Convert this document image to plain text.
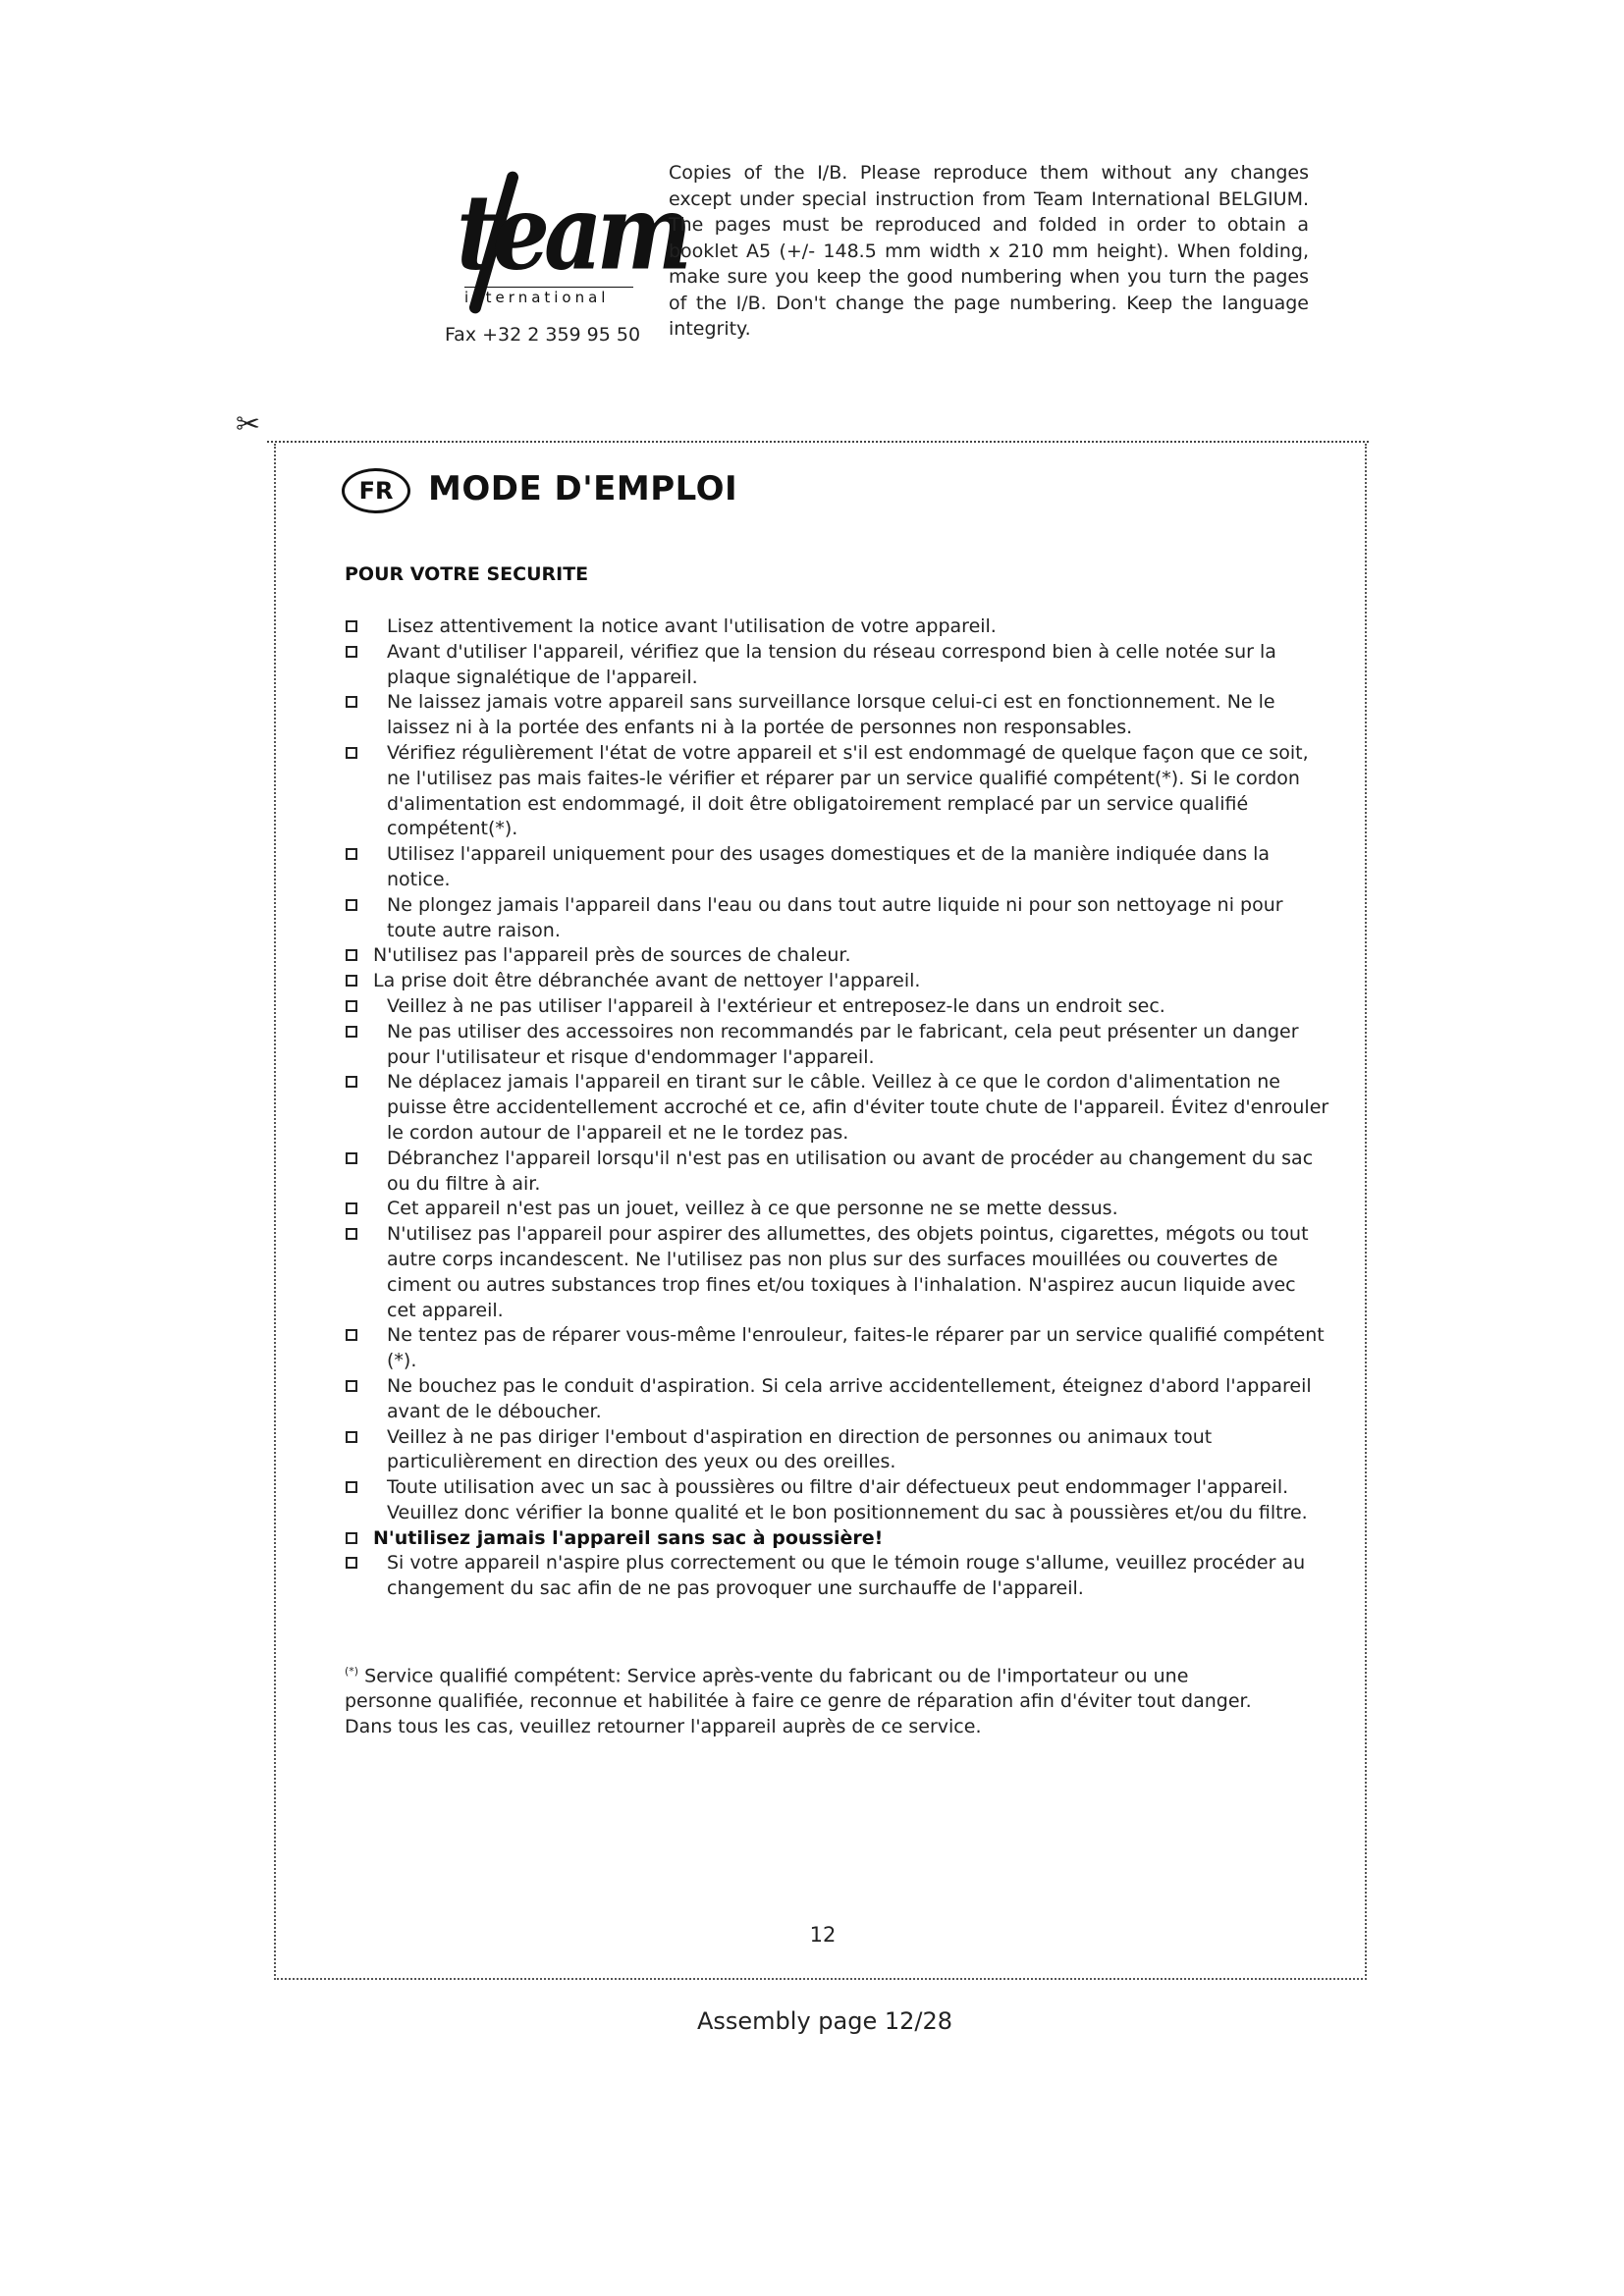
team
international
Fax +32 2 359 95 50
Copies of the I/B. Please reproduce them without any changes except under special instruction from Team International BELGIUM. The pages must be reproduced and folded in order to obtain a booklet A5 (+/- 148.5 mm width x 210 mm height). When folding, make sure you keep the good numbering when you turn the pages of the I/B. Don't change the page numbering. Keep the language integrity.
✂
FR	MODE D'EMPLOI
POUR VOTRE SECURITE
Lisez attentivement la notice avant l'utilisation de votre appareil.
Avant d'utiliser l'appareil, vérifiez que la tension du réseau correspond bien à celle notée sur la plaque signalétique de l'appareil.
Ne laissez jamais votre appareil sans surveillance lorsque celui-ci est en fonctionnement. Ne le laissez ni à la portée des enfants ni à la portée de personnes non responsables.
Vérifiez régulièrement l'état de votre appareil et s'il est endommagé de quelque façon que ce soit, ne l'utilisez pas mais faites-le vérifier et réparer par un service qualifié compétent(*). Si le cordon d'alimentation est endommagé, il doit être obligatoirement remplacé par un service qualifié compétent(*).
Utilisez l'appareil uniquement pour des usages domestiques et de la manière indiquée dans la notice.
Ne plongez jamais l'appareil dans l'eau ou dans tout autre liquide ni pour son nettoyage ni pour toute autre raison.
N'utilisez pas l'appareil près de sources de chaleur.
La prise doit être débranchée avant de nettoyer l'appareil.
Veillez à ne pas utiliser l'appareil à l'extérieur et entreposez-le dans un endroit sec.
Ne pas utiliser des accessoires non recommandés par le fabricant, cela peut présenter un danger pour l'utilisateur et risque d'endommager l'appareil.
Ne déplacez jamais l'appareil en tirant sur le câble. Veillez à ce que le cordon d'alimentation ne puisse être accidentellement accroché et ce, afin d'éviter toute chute de l'appareil. Évitez d'enrouler le cordon autour de l'appareil et ne le tordez pas.
Débranchez l'appareil lorsqu'il n'est pas en utilisation ou avant de procéder au changement du sac ou du filtre à air.
Cet appareil n'est pas un jouet, veillez à ce que personne ne se mette dessus.
N'utilisez pas l'appareil pour aspirer des allumettes, des objets pointus, cigarettes, mégots ou tout autre corps incandescent. Ne l'utilisez pas non plus sur des surfaces mouillées ou couvertes de ciment ou autres substances trop fines et/ou toxiques à l'inhalation. N'aspirez aucun liquide avec cet appareil.
Ne tentez pas de réparer vous-même l'enrouleur, faites-le réparer par un service qualifié compétent (*).
Ne bouchez pas le conduit d'aspiration. Si cela arrive accidentellement, éteignez d'abord l'appareil avant de le déboucher.
Veillez à ne pas diriger l'embout d'aspiration en direction de personnes ou animaux tout particulièrement en direction des yeux ou des oreilles.
Toute utilisation avec un sac à poussières ou filtre d'air défectueux peut endommager l'appareil. Veuillez donc vérifier la bonne qualité et le bon positionnement du sac à poussières et/ou du filtre.
N'utilisez jamais l'appareil sans sac à poussière!
Si votre appareil n'aspire plus correctement ou que le témoin rouge s'allume, veuillez procéder au changement du sac afin de ne pas provoquer une surchauffe de l'appareil.
(*) Service qualifié compétent: Service après-vente du fabricant ou de l'importateur ou une personne qualifiée, reconnue et habilitée à faire ce genre de réparation afin d'éviter tout danger. Dans tous les cas, veuillez retourner l'appareil auprès de ce service.
12
Assembly page 12/28
